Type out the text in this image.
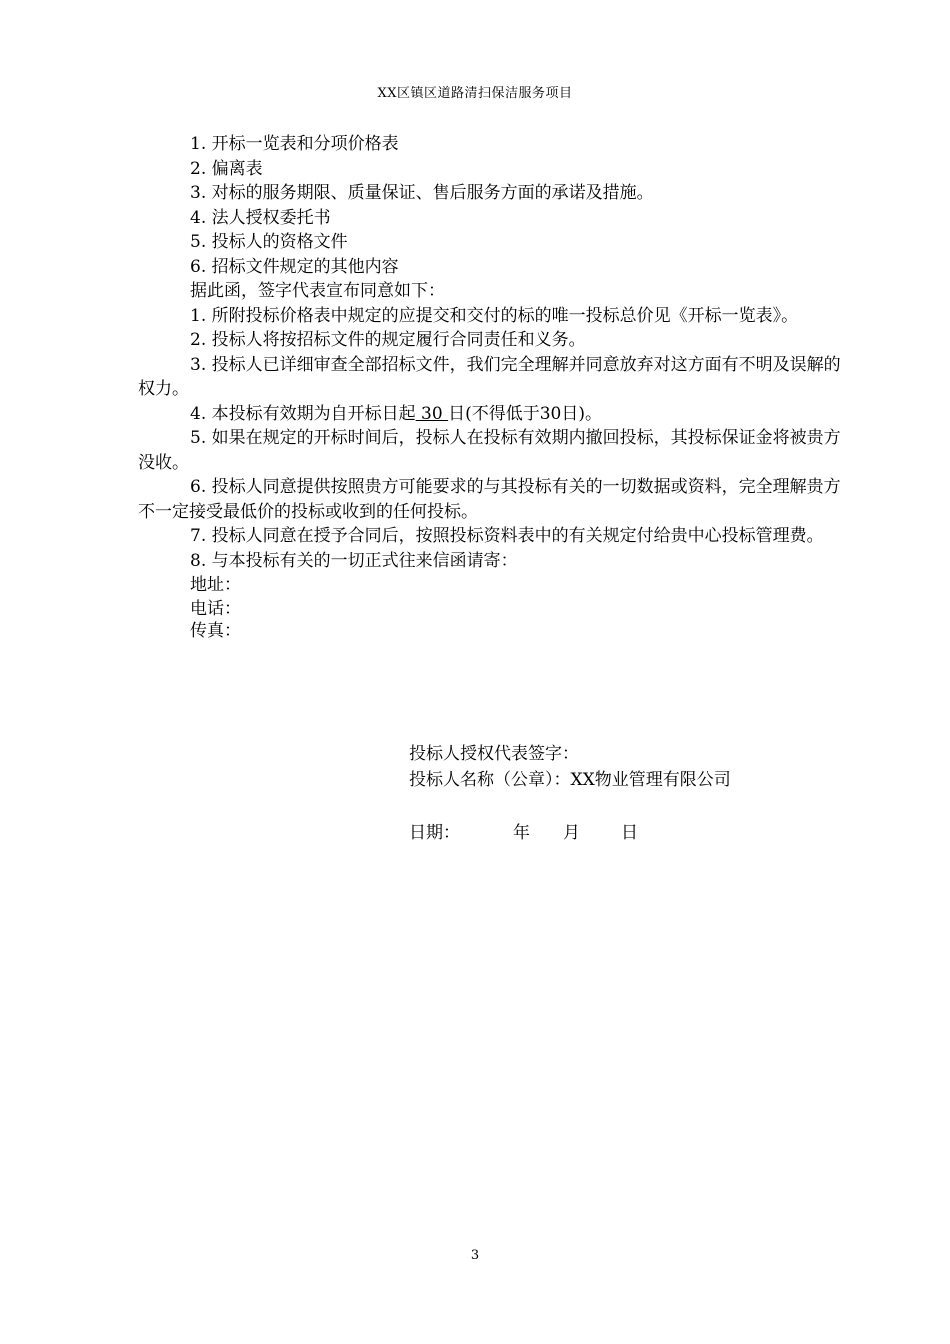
XX区镇区道路清扫保洁服务项目

1. 开标一览表和分项价格表

2. 偏离表

3. 对标的服务期限、质量保证、售后服务方面的承诺及措施。

4. 法人授权委托书

5. 投标人的资格文件

6. 招标文件规定的其他内容

据此函，签字代表宣布同意如下：

1. 所附投标价格表中规定的应提交和交付的标的唯一投标总价见《开标一览表》。

2. 投标人将按招标文件的规定履行合同责任和义务。

3. 投标人已详细审查全部招标文件，我们完全理解并同意放弃对这方面有不明及误解的权力。

4. 本投标有效期为自开标日起 30 日(不得低于30日)。

5. 如果在规定的开标时间后，投标人在投标有效期内撤回投标，其投标保证金将被贵方没收。

6. 投标人同意提供按照贵方可能要求的与其投标有关的一切数据或资料，完全理解贵方不一定接受最低价的投标或收到的任何投标。

7. 投标人同意在授予合同后，按照投标资料表中的有关规定付给贵中心投标管理费。

8. 与本投标有关的一切正式往来信函请寄：

地址：

电话：

传真：

投标人授权代表签字：
投标人名称（公章）：XX物业管理有限公司
日期：	年 月 日
3
